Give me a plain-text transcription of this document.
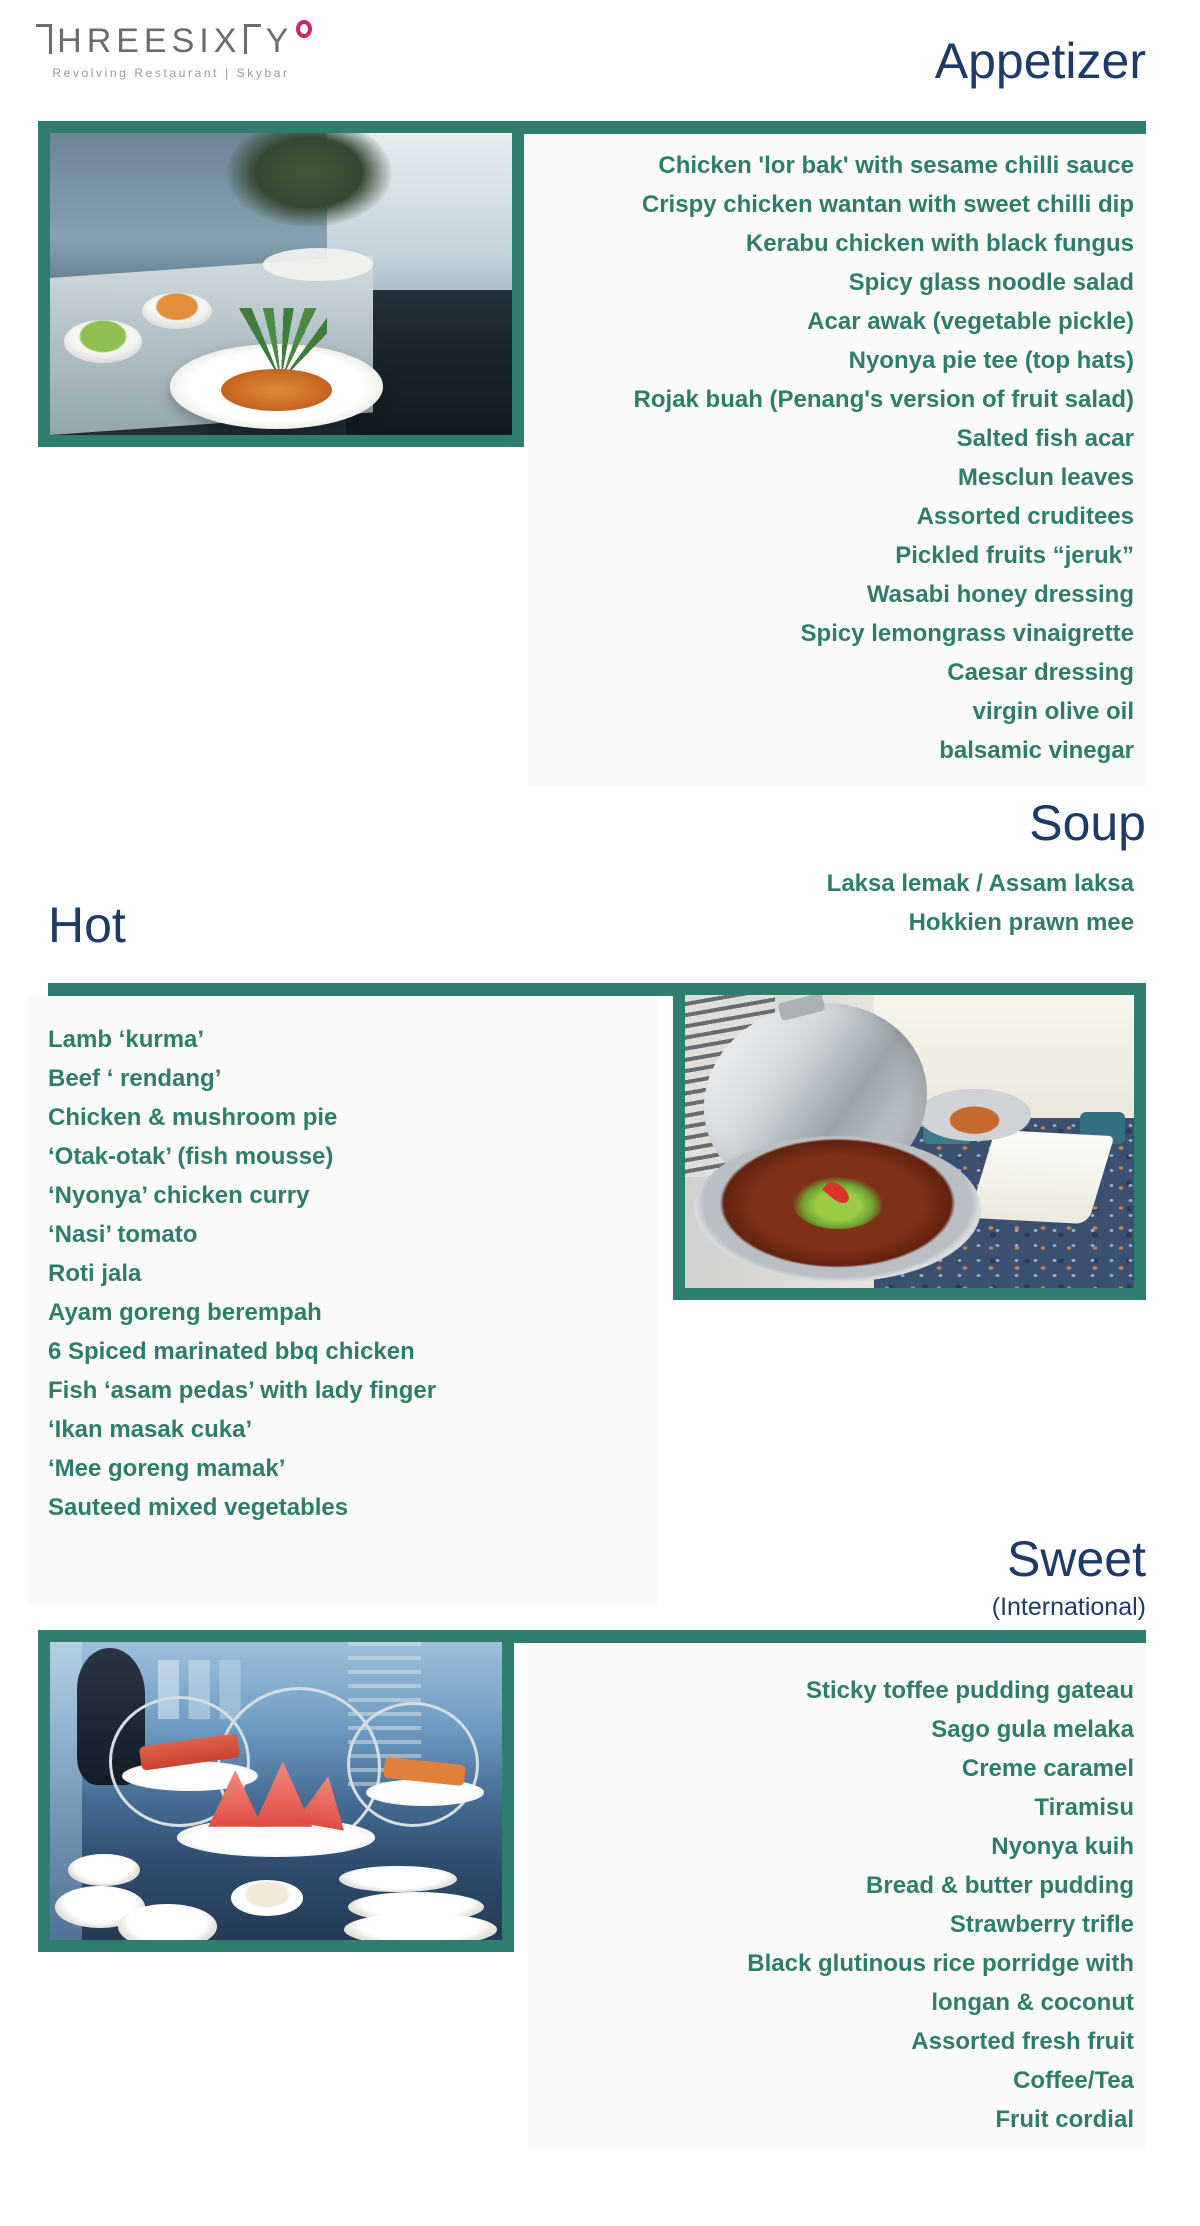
HREE SIX Y
Revolving Restaurant | Skybar	Appetizer
Chicken 'lor bak' with sesame chilli sauce
Crispy chicken wantan with sweet chilli dip
Kerabu chicken with black fungus
Spicy glass noodle salad
Acar awak (vegetable pickle)
Nyonya pie tee (top hats)
Rojak buah (Penang's version of fruit salad)
Salted fish acar
Mesclun leaves
Assorted cruditees
Pickled fruits “jeruk”
Wasabi honey dressing
Spicy lemongrass vinaigrette
Caesar dressing
virgin olive oil
balsamic vinegar
Soup
Laksa lemak / Assam laksa
Hokkien prawn mee
Hot
Lamb ‘kurma’
Beef ‘ rendang’
Chicken & mushroom pie
‘Otak-otak’ (fish mousse)
‘Nyonya’ chicken curry
‘Nasi’ tomato
Roti jala
Ayam goreng berempah
6 Spiced marinated bbq chicken
Fish ‘asam pedas’ with lady finger
‘Ikan masak cuka’
‘Mee goreng mamak’
Sauteed mixed vegetables
Sweet
(International)
Sticky toffee pudding gateau
Sago gula melaka
Creme caramel
Tiramisu
Nyonya kuih
Bread & butter pudding
Strawberry trifle
Black glutinous rice porridge with
longan & coconut
Assorted fresh fruit
Coffee/Tea
Fruit cordial
